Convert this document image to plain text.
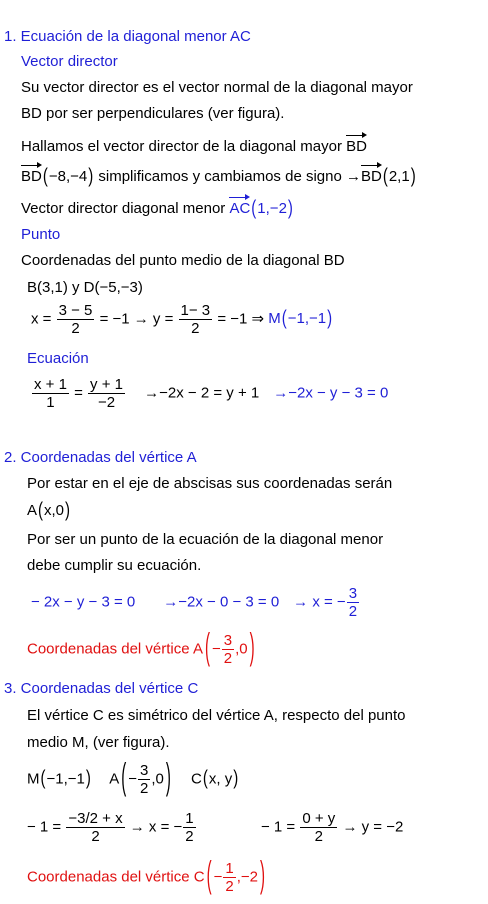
1. Ecuación de la diagonal menor AC
Vector director
Su vector director es el vector normal de la diagonal mayor
BD por ser perpendiculares (ver figura).
Hallamos el vector director de la diagonal mayor BD
BD(−8,−4) simplificamos y cambiamos de signo →BD(2,1)
Vector director diagonal menor AC(1,−2)
Punto
Coordenadas del punto medio de la diagonal BD
B(3,1) y D(−5,−3)
$x = \frac{3 - 5}{2} = -1 \to y = \frac{1- 3}{2} = -1$ ⇒ M(−1,−1)
Ecuación
$\frac{x + 1}{1} = \frac{y + 1}{-2} \to-2x - 2 = y + 1 \to-2x - y - 3 = 0$
2. Coordenadas del vértice A
Por estar en el eje de abscisas sus coordenadas serán
A(x,0)
Por ser un punto de la ecuación de la diagonal menor
debe cumplir su ecuación.
− 2x − y − 3 = 0 →−2x − 0 − 3 = 0 → x = − $\frac{3}{2}$
Coordenadas del vértice A ( − $\frac{3}{2} ,0$ )
3. Coordenadas del vértice C
El vértice C es simétrico del vértice A, respecto del punto
medio M, (ver figura).
M(−1,−1) A ( − $\frac{3}{2} ,0$ ) C(x, y)
− $1 = \frac{-3/2 + x}{2} \to x$ = − $\frac{1}{2}$	− $1 = \frac{0 + y}{2} \to y = -2$
Coordenadas del vértice C ( − $\frac{1}{2} ,-2$ )
